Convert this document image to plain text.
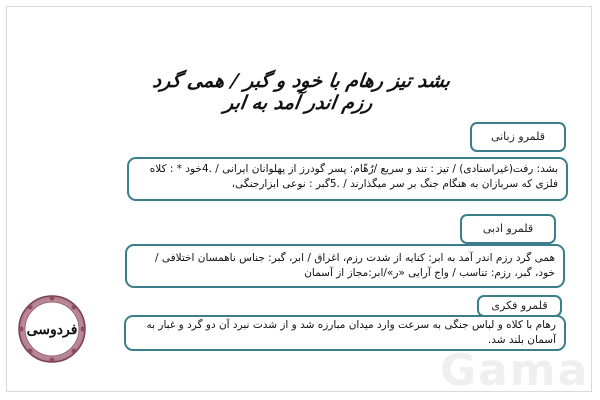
بشد تیز رهام با خود و گبر / همی گرد رزم اندر آمد به ابر
قلمرو زبانی
بشد: رفت(غیراسنادی) / تیز : تند و سریع /رُهّام: پسر گودرز از پهلوانان ایرانی / .4خود * : کلاه فلزی که سربازان به هنگام جنگ بر سر میگذارند / .5گبر : نوعی ابزارجنگی،
قلمرو ادبی
همی گرد رزم اندر آمد به ابر: کنایه از شدت رزم، اغراق / ابر، گبر: جناس ناهمسان اختلافی / خود، گبر، رزم: تناسب / واج آرایی «ر»/ابر:مجاز از آسمان
قلمرو فکری
رهام با کلاه و لباس جنگی به سرعت وارد میدان مبارزه شد و از شدت نبرد آن دو گرد و غبار به آسمان بلند شد.
فردوسی
Gama
